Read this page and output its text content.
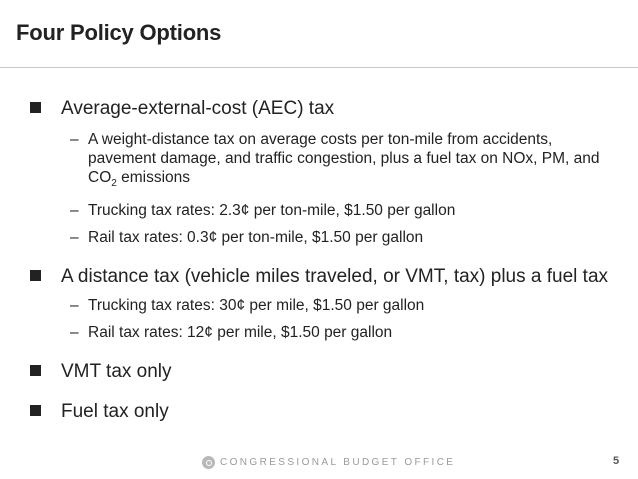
Four Policy Options
Average-external-cost (AEC) tax
– A weight-distance tax on average costs per ton-mile from accidents, pavement damage, and traffic congestion, plus a fuel tax on NOx, PM, and $CO_2$ emissions
– Trucking tax rates: 2.3¢ per ton-mile, $1.50 per gallon
– Rail tax rates: 0.3¢ per ton-mile, $1.50 per gallon
A distance tax (vehicle miles traveled, or VMT, tax) plus a fuel tax
– Trucking tax rates: 30¢ per mile, $1.50 per gallon
– Rail tax rates: 12¢ per mile, $1.50 per gallon
VMT tax only
Fuel tax only
CONGRESSIONAL BUDGET OFFICE	5
